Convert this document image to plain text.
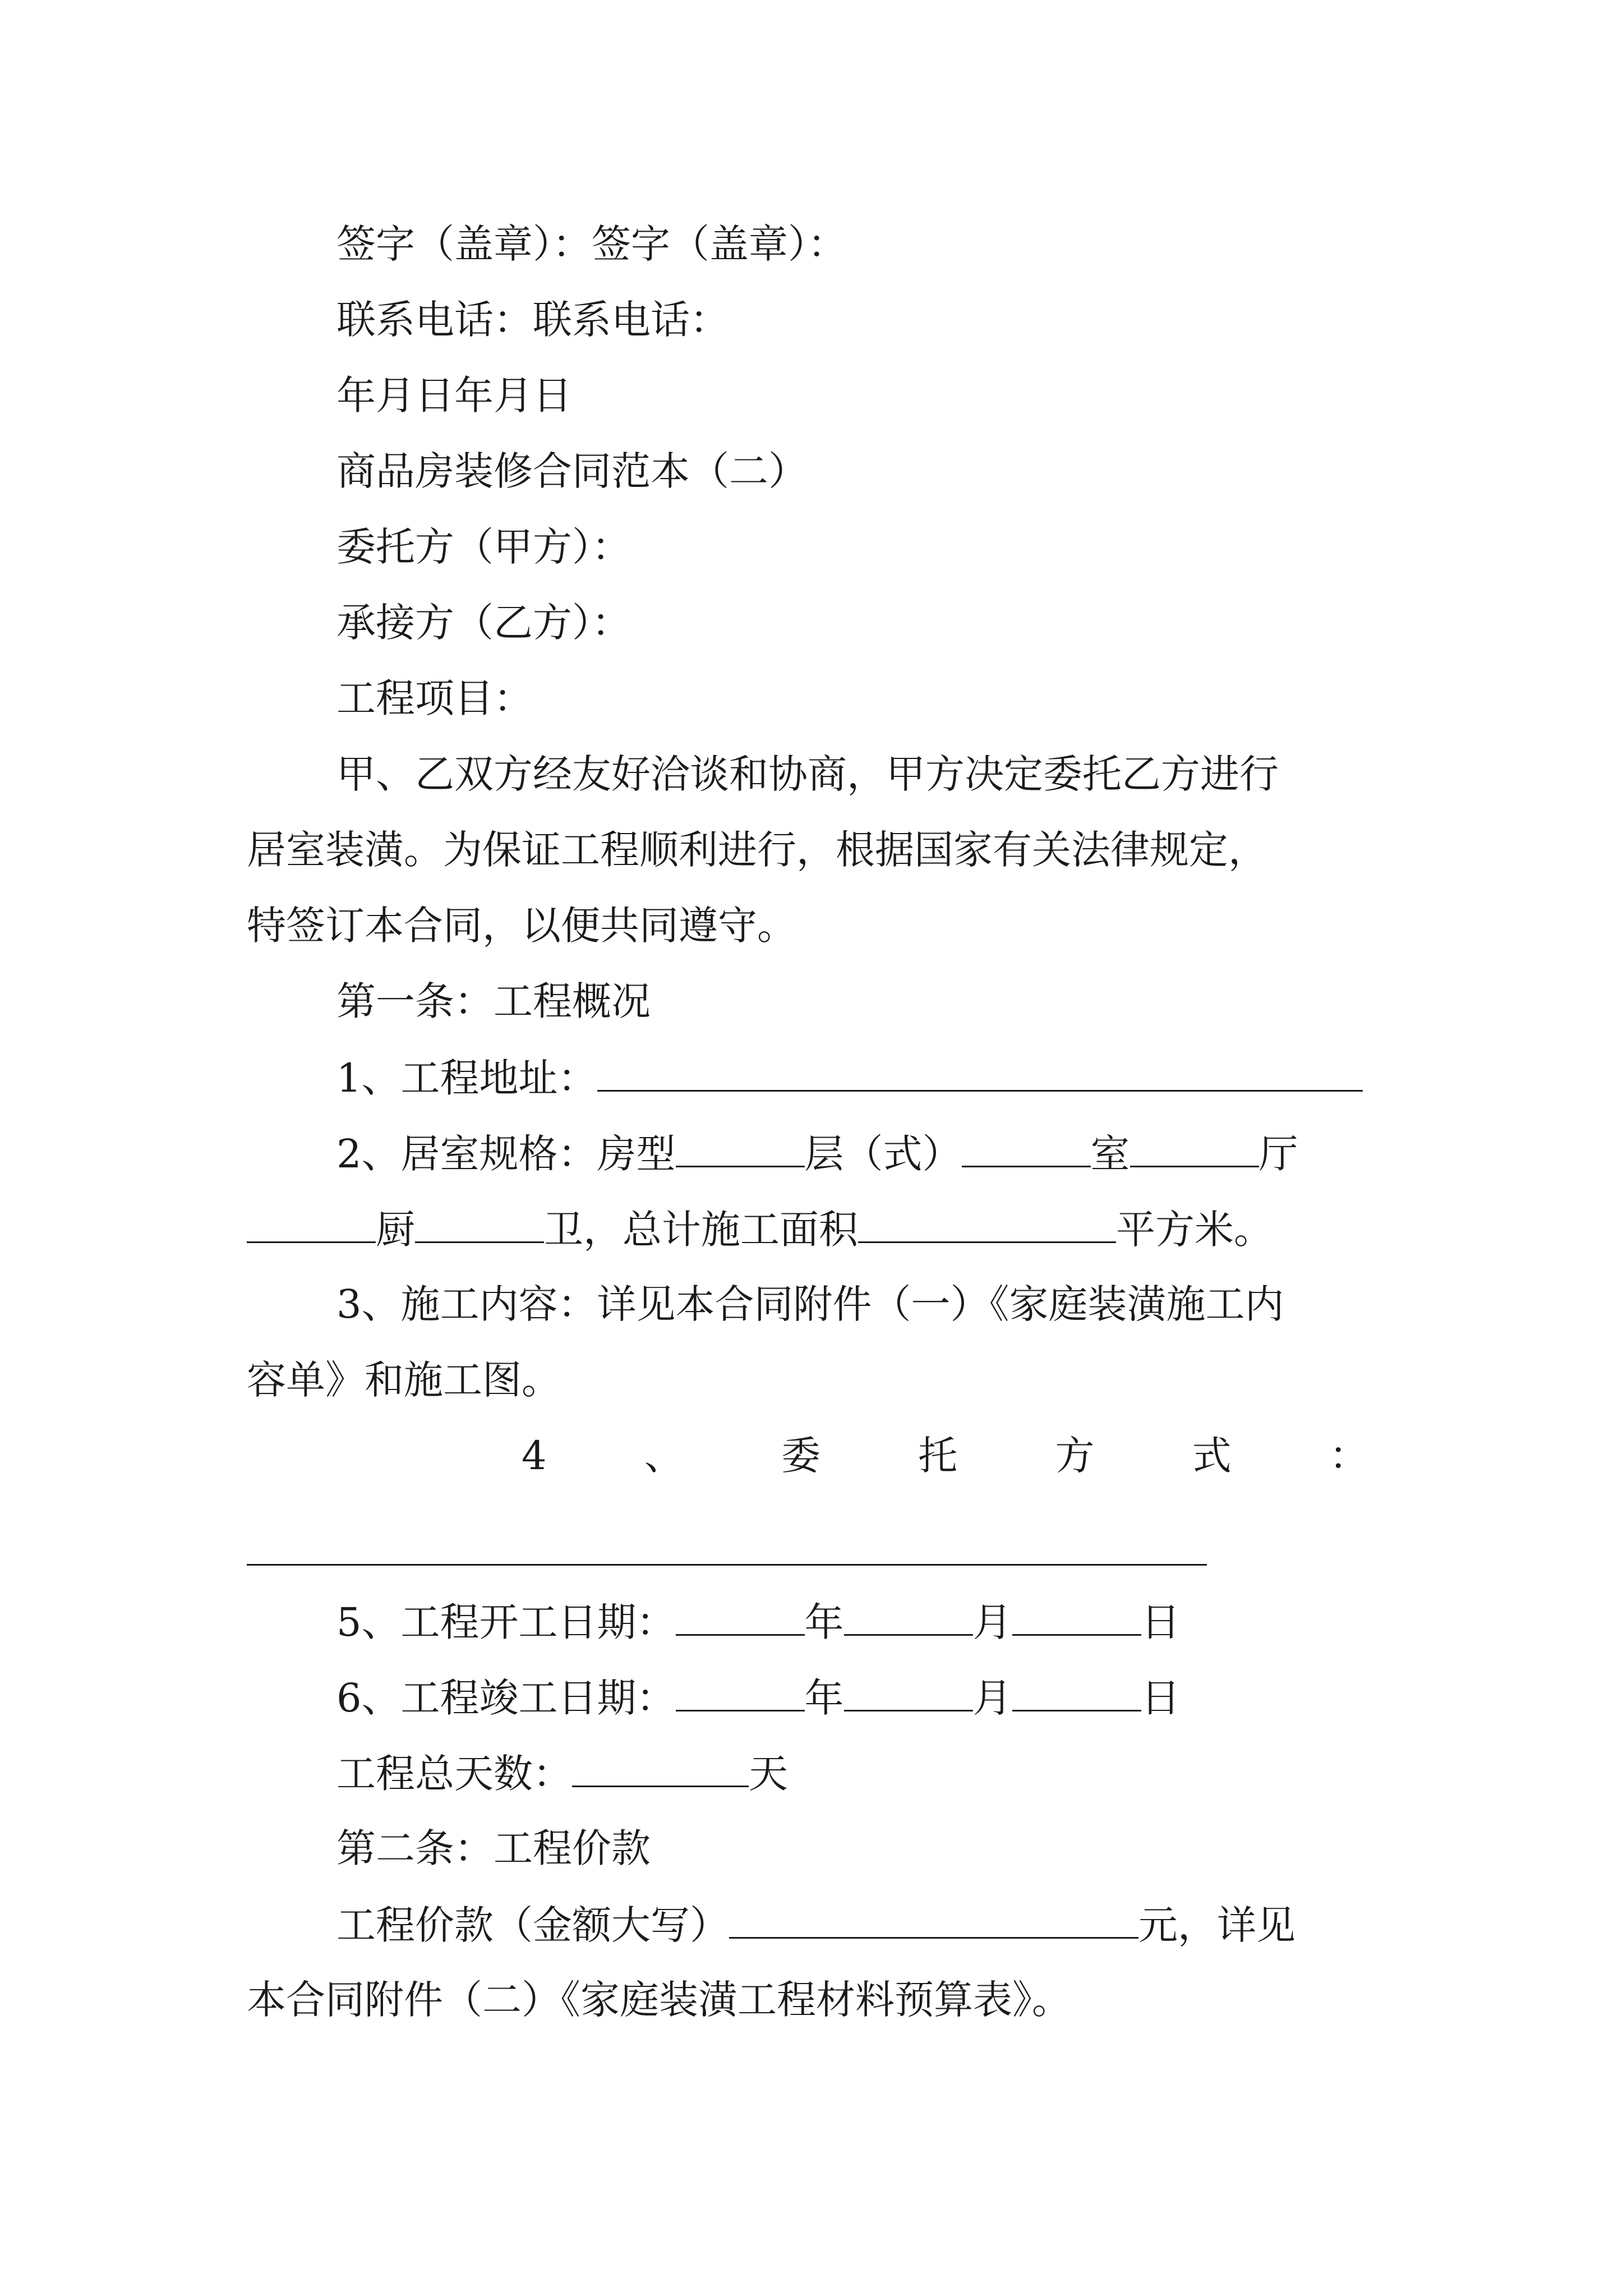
签字（盖章）：签字（盖章）：
联系电话：联系电话：
年月日年月日
商品房装修合同范本（二）
委托方（甲方）：
承接方（乙方）：
工程项目：
甲、乙双方经友好洽谈和协商，甲方决定委托乙方进行
居室装潢。为保证工程顺利进行，根据国家有关法律规定，
特签订本合同，以便共同遵守。
第一条：工程概况
1、工程地址：
2、居室规格：房型	层（式）	室	厅
厨	卫，总计施工面积	平方米。
3、施工内容：详见本合同附件（一）《家庭装潢施工内
容单》和施工图。
4 、 委 托 方 式 ：
5、工程开工日期：	年	月	日
6、工程竣工日期：	年	月	日
工程总天数：	天
第二条：工程价款
工程价款（金额大写）	元，详见
本合同附件（二）《家庭装潢工程材料预算表》。
